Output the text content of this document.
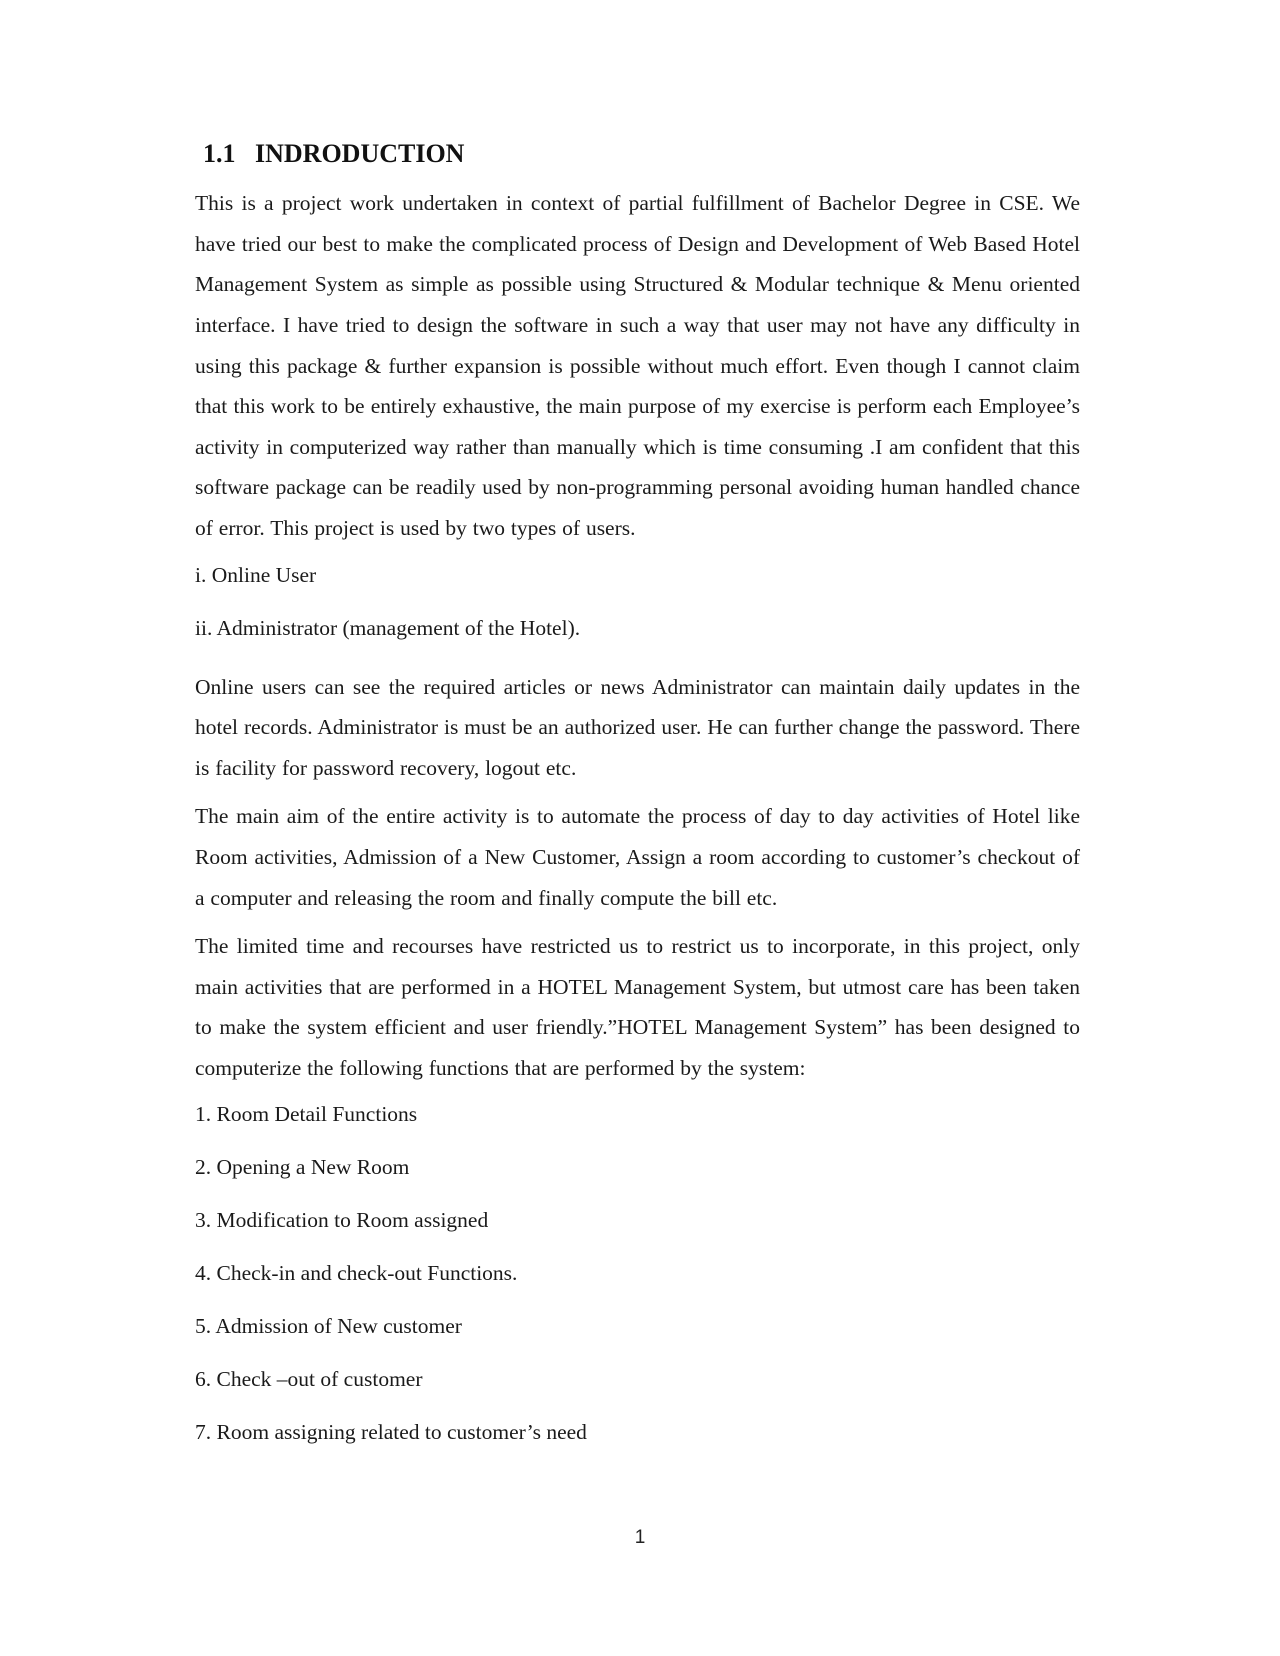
1.1 INDRODUCTION

This is a project work undertaken in context of partial fulfillment of Bachelor Degree in CSE. We have tried our best to make the complicated process of Design and Development of Web Based Hotel Management System as simple as possible using Structured & Modular technique & Menu oriented interface. I have tried to design the software in such a way that user may not have any difficulty in using this package & further expansion is possible without much effort. Even though I cannot claim that this work to be entirely exhaustive, the main purpose of my exercise is perform each Employee’s activity in computerized way rather than manually which is time consuming .I am confident that this software package can be readily used by non-programming personal avoiding human handled chance of error. This project is used by two types of users.

i. Online User
ii. Administrator (management of the Hotel).

Online users can see the required articles or news Administrator can maintain daily updates in the hotel records. Administrator is must be an authorized user. He can further change the password. There is facility for password recovery, logout etc.

The main aim of the entire activity is to automate the process of day to day activities of Hotel like Room activities, Admission of a New Customer, Assign a room according to customer’s checkout of a computer and releasing the room and finally compute the bill etc.

The limited time and recourses have restricted us to restrict us to incorporate, in this project, only main activities that are performed in a HOTEL Management System, but utmost care has been taken to make the system efficient and user friendly.”HOTEL Management System” has been designed to computerize the following functions that are performed by the system:

1. Room Detail Functions
2. Opening a New Room
3. Modification to Room assigned
4. Check-in and check-out Functions.
5. Admission of New customer
6. Check –out of customer
7. Room assigning related to customer’s need
1
